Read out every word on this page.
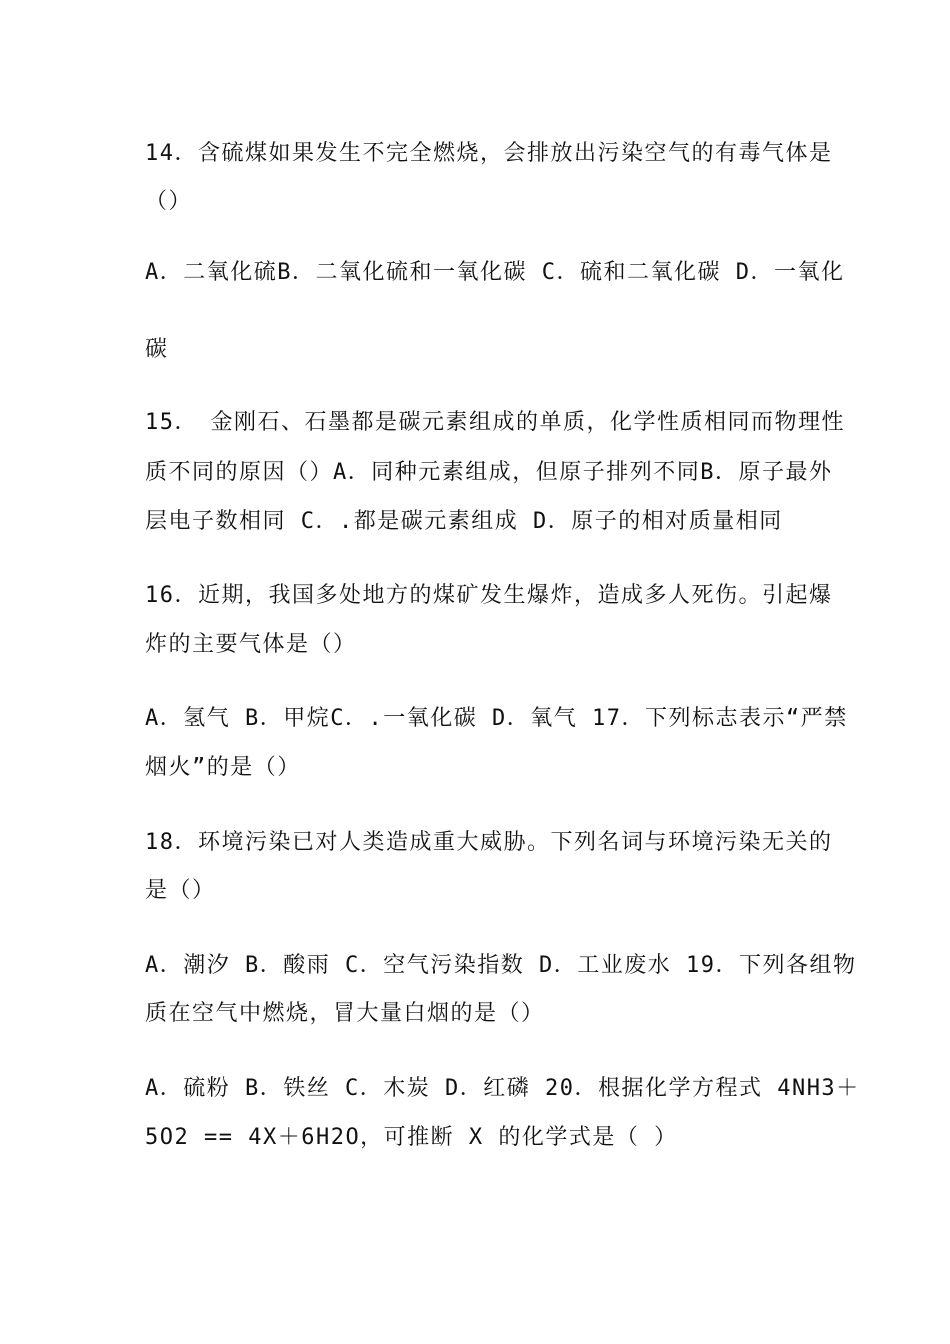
14．含硫煤如果发生不完全燃烧，会排放出污染空气的有毒气体是
（）
A．二氧化硫B．二氧化硫和一氧化碳 C．硫和二氧化碳 D．一氧化
碳
15．　金刚石、石墨都是碳元素组成的单质，化学性质相同而物理性
质不同的原因（）A．同种元素组成，但原子排列不同B．原子最外
层电子数相同 C．.都是碳元素组成 D．原子的相对质量相同
16．近期，我国多处地方的煤矿发生爆炸，造成多人死伤。引起爆
炸的主要气体是（）
A．氢气 B．甲烷C．.一氧化碳 D．氧气 17．下列标志表示“严禁
烟火”的是（）
18．环境污染已对人类造成重大威胁。下列名词与环境污染无关的
是（）
A．潮汐 B．酸雨 C．空气污染指数 D．工业废水 19．下列各组物
质在空气中燃烧，冒大量白烟的是（）
A．硫粉 B．铁丝 C．木炭 D．红磷 20．根据化学方程式 4NH3＋
5O2 == 4X＋6H2O，可推断 X 的化学式是（ ）
